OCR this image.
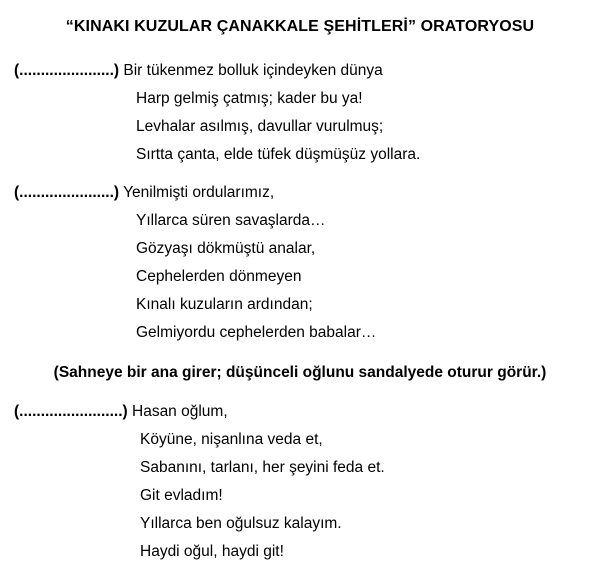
“KINAKI KUZULAR ÇANAKKALE ŞEHİTLERİ” ORATORYOSU
(......................) Bir tükenmez bolluk içindeyken dünya
Harp gelmiş çatmış; kader bu ya!
Levhalar asılmış, davullar vurulmuş;
Sırtta çanta, elde tüfek düşmüşüz yollara.
(......................) Yenilmişti ordularımız,
Yıllarca süren savaşlarda…
Gözyaşı dökmüştü analar,
Cephelerden dönmeyen
Kınalı kuzuların ardından;
Gelmiyordu cephelerden babalar…
(Sahneye bir ana girer; düşünceli oğlunu sandalyede oturur görür.)
(........................) Hasan oğlum,
Köyüne, nişanlına veda et,
Sabanını, tarlanı, her şeyini feda et.
Git evladım!
Yıllarca ben oğulsuz kalayım.
Haydi oğul, haydi git!
